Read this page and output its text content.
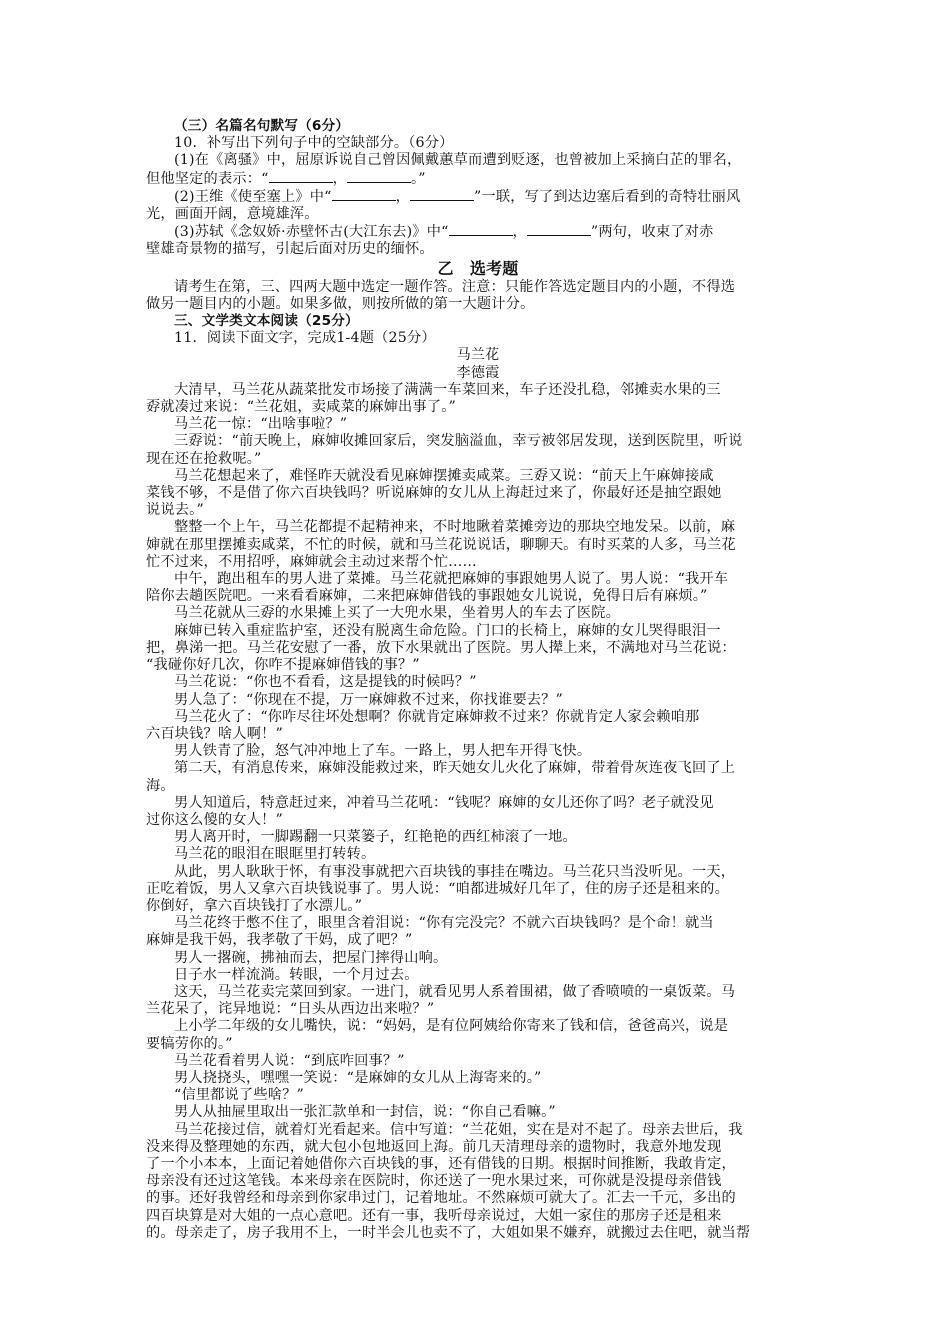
（三）名篇名句默写（6分）

10．补写出下列句子中的空缺部分。（6分）

(1)在《离骚》中，屈原诉说自己曾因佩戴蕙草而遭到贬逐，也曾被加上采摘白芷的罪名，

但他坚定的表示：“	，	。”

(2)王维《使至塞上》中“	，	”一联，写了到达边塞后看到的奇特壮丽风

光，画面开阔，意境雄浑。

(3)苏轼《念奴娇·赤壁怀古(大江东去)》中“	，	”两句，收束了对赤

壁雄奇景物的描写，引起后面对历史的缅怀。

乙　选考题

请考生在第，三、四两大题中选定一题作答。注意：只能作答选定题目内的小题，不得选

做另一题目内的小题。如果多做，则按所做的第一大题计分。

三、文学类文本阅读（25分）

11．阅读下面文字，完成1-4题（25分）

马兰花

李德霞

大清早，马兰花从蔬菜批发市场接了满满一车菜回来，车子还没扎稳，邻摊卖水果的三

孬就凑过来说：“兰花姐，卖咸菜的麻婶出事了。”

马兰花一惊：“出啥事啦？”

三孬说：“前天晚上，麻婶收摊回家后，突发脑溢血，幸亏被邻居发现，送到医院里，听说

现在还在抢救呢。”

马兰花想起来了，难怪昨天就没看见麻婶摆摊卖咸菜。三孬又说：“前天上午麻婶接咸

菜钱不够，不是借了你六百块钱吗？听说麻婶的女儿从上海赶过来了，你最好还是抽空跟她

说说去。”

整整一个上午，马兰花都提不起精神来，不时地瞅着菜摊旁边的那块空地发呆。以前，麻

婶就在那里摆摊卖咸菜，不忙的时候，就和马兰花说说话，聊聊天。有时买菜的人多，马兰花

忙不过来，不用招呼，麻婶就会主动过来帮个忙……

中午，跑出租车的男人进了菜摊。马兰花就把麻婶的事跟她男人说了。男人说：“我开车

陪你去趟医院吧。一来看看麻婶，二来把麻婶借钱的事跟她女儿说说，免得日后有麻烦。”

马兰花就从三孬的水果摊上买了一大兜水果，坐着男人的车去了医院。

麻婶已转入重症监护室，还没有脱离生命危险。门口的长椅上，麻婶的女儿哭得眼泪一

把，鼻涕一把。马兰花安慰了一番，放下水果就出了医院。男人撵上来，不满地对马兰花说：

“我碰你好几次，你咋不提麻婶借钱的事？”

马兰花说：“你也不看看，这是提钱的时候吗？”

男人急了：“你现在不提，万一麻婶救不过来，你找谁要去？”

马兰花火了：“你咋尽往坏处想啊？你就肯定麻婶救不过来？你就肯定人家会赖咱那

六百块钱？啥人啊！”

男人铁青了脸，怒气冲冲地上了车。一路上，男人把车开得飞快。

第二天，有消息传来，麻婶没能救过来，昨天她女儿火化了麻婶，带着骨灰连夜飞回了上

海。

男人知道后，特意赶过来，冲着马兰花吼：“钱呢？麻婶的女儿还你了吗？老子就没见

过你这么傻的女人！”

男人离开时，一脚踢翻一只菜篓子，红艳艳的西红柿滚了一地。

马兰花的眼泪在眼眶里打转转。

从此，男人耿耿于怀，有事没事就把六百块钱的事挂在嘴边。马兰花只当没听见。一天，

正吃着饭，男人又拿六百块钱说事了。男人说：“咱都进城好几年了，住的房子还是租来的。

你倒好，拿六百块钱打了水漂儿。”

马兰花终于憋不住了，眼里含着泪说：“你有完没完？不就六百块钱吗？是个命！就当

麻婶是我干妈，我孝敬了干妈，成了吧？”

男人一撂碗，拂袖而去，把屋门摔得山响。

日子水一样流淌。转眼，一个月过去。

这天，马兰花卖完菜回到家。一进门，就看见男人系着围裙，做了香喷喷的一桌饭菜。马

兰花呆了，诧异地说：“日头从西边出来啦？”

上小学二年级的女儿嘴快，说：“妈妈，是有位阿姨给你寄来了钱和信，爸爸高兴，说是

要犒劳你的。”

马兰花看着男人说：“到底咋回事？”

男人挠挠头，嘿嘿一笑说：“是麻婶的女儿从上海寄来的。”

“信里都说了些啥？”

男人从抽屉里取出一张汇款单和一封信，说：“你自己看嘛。”

马兰花接过信，就着灯光看起来。信中写道：“兰花姐，实在是对不起了。母亲去世后，我

没来得及整理她的东西，就大包小包地返回上海。前几天清理母亲的遗物时，我意外地发现

了一个小本本，上面记着她借你六百块钱的事，还有借钱的日期。根据时间推断，我敢肯定，

母亲没有还过这笔钱。本来母亲在医院时，你还送了一兜水果过来，可你就是没提母亲借钱

的事。还好我曾经和母亲到你家串过门，记着地址。不然麻烦可就大了。汇去一千元，多出的

四百块算是对大姐的一点心意吧。还有一事，我听母亲说过，大姐一家住的那房子还是租来

的。母亲走了，房子我用不上，一时半会儿也卖不了，大姐如果不嫌弃，就搬过去住吧，就当帮
